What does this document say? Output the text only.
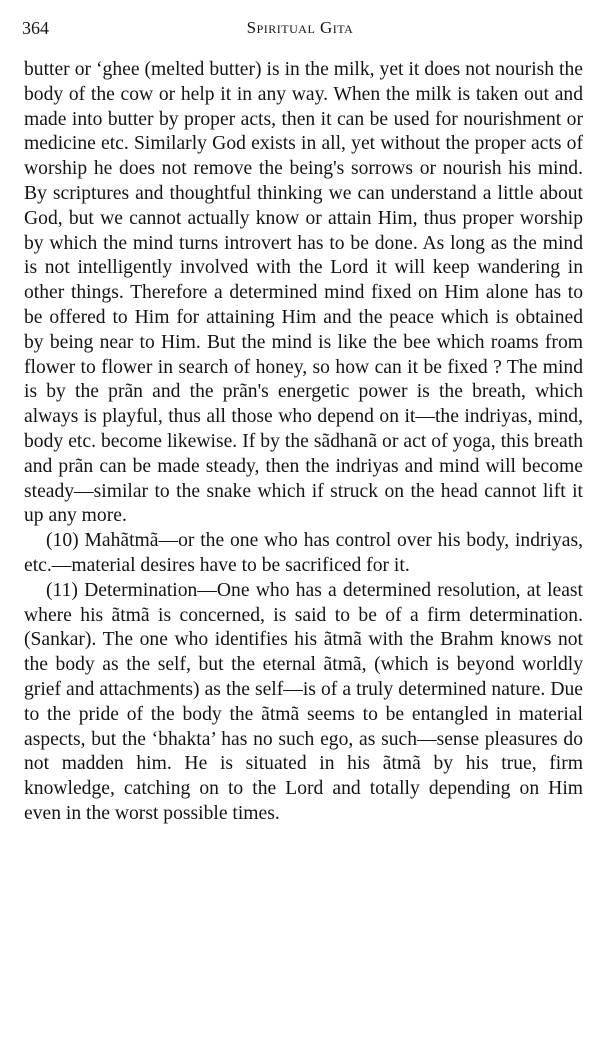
364	Spiritual Gita

butter or ‘ghee (melted butter) is in the milk, yet it does not nourish the body of the cow or help it in any way. When the milk is taken out and made into butter by proper acts, then it can be used for nourishment or medicine etc. Similarly God exists in all, yet without the proper acts of worship he does not remove the being's sorrows or nourish his mind. By scriptures and thoughtful thinking we can understand a little about God, but we cannot actually know or attain Him, thus proper worship by which the mind turns introvert has to be done. As long as the mind is not intelligently involved with the Lord it will keep wandering in other things. Therefore a determined mind fixed on Him alone has to be offered to Him for attaining Him and the peace which is obtained by being near to Him. But the mind is like the bee which roams from flower to flower in search of honey, so how can it be fixed ? The mind is by the prãn and the prãn's energetic power is the breath, which always is playful, thus all those who depend on it—the indriyas, mind, body etc. become likewise. If by the sãdhanã or act of yoga, this breath and prãn can be made steady, then the indriyas and mind will become steady—similar to the snake which if struck on the head cannot lift it up any more.

(10) Mahãtmã—or the one who has control over his body, indriyas, etc.—material desires have to be sacrificed for it.

(11) Determination—One who has a determined resolution, at least where his ãtmã is concerned, is said to be of a firm determination. (Sankar). The one who identifies his ãtmã with the Brahm knows not the body as the self, but the eternal ãtmã, (which is beyond worldly grief and attachments) as the self—is of a truly determined nature. Due to the pride of the body the ãtmã seems to be entangled in material aspects, but the ‘bhakta’ has no such ego, as such—sense pleasures do not madden him. He is situated in his ãtmã by his true, firm knowledge, catching on to the Lord and totally depending on Him even in the worst possible times.
